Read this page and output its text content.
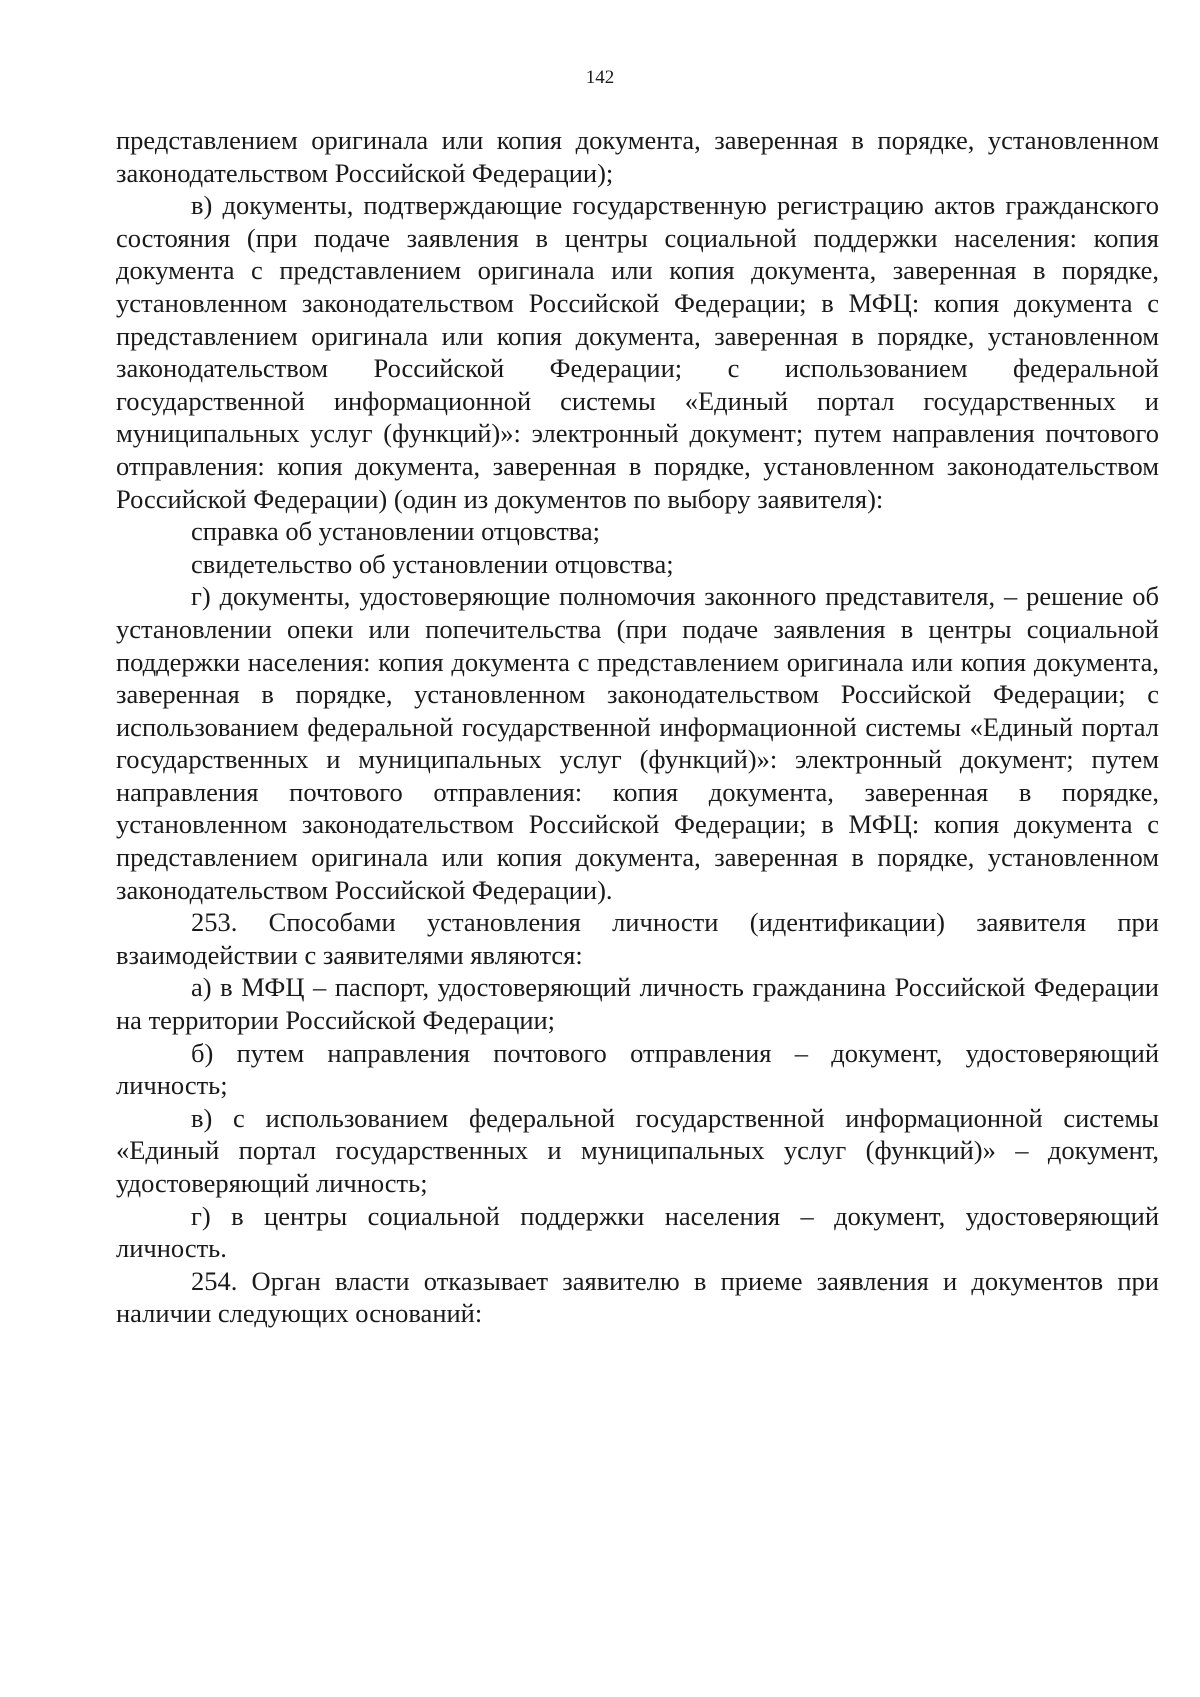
142

представлением оригинала или копия документа, заверенная в порядке, установленном законодательством Российской Федерации);

в) документы, подтверждающие государственную регистрацию актов гражданского состояния (при подаче заявления в центры социальной поддержки населения: копия документа с представлением оригинала или копия документа, заверенная в порядке, установленном законодательством Российской Федерации; в МФЦ: копия документа с представлением оригинала или копия документа, заверенная в порядке, установленном законодательством Российской Федерации; с использованием федеральной государственной информационной системы «Единый портал государственных и муниципальных услуг (функций)»: электронный документ; путем направления почтового отправления: копия документа, заверенная в порядке, установленном законодательством Российской Федерации) (один из документов по выбору заявителя):

справка об установлении отцовства;

свидетельство об установлении отцовства;

г) документы, удостоверяющие полномочия законного представителя, – решение об установлении опеки или попечительства (при подаче заявления в центры социальной поддержки населения: копия документа с представлением оригинала или копия документа, заверенная в порядке, установленном законодательством Российской Федерации; с использованием федеральной государственной информационной системы «Единый портал государственных и муниципальных услуг (функций)»: электронный документ; путем направления почтового отправления: копия документа, заверенная в порядке, установленном законодательством Российской Федерации; в МФЦ: копия документа с представлением оригинала или копия документа, заверенная в порядке, установленном законодательством Российской Федерации).

253. Способами установления личности (идентификации) заявителя при взаимодействии с заявителями являются:

а) в МФЦ – паспорт, удостоверяющий личность гражданина Российской Федерации на территории Российской Федерации;

б) путем направления почтового отправления – документ, удостоверяющий личность;

в) с использованием федеральной государственной информационной системы «Единый портал государственных и муниципальных услуг (функций)» – документ, удостоверяющий личность;

г) в центры социальной поддержки населения – документ, удостоверяющий личность.

254. Орган власти отказывает заявителю в приеме заявления и документов при наличии следующих оснований:
